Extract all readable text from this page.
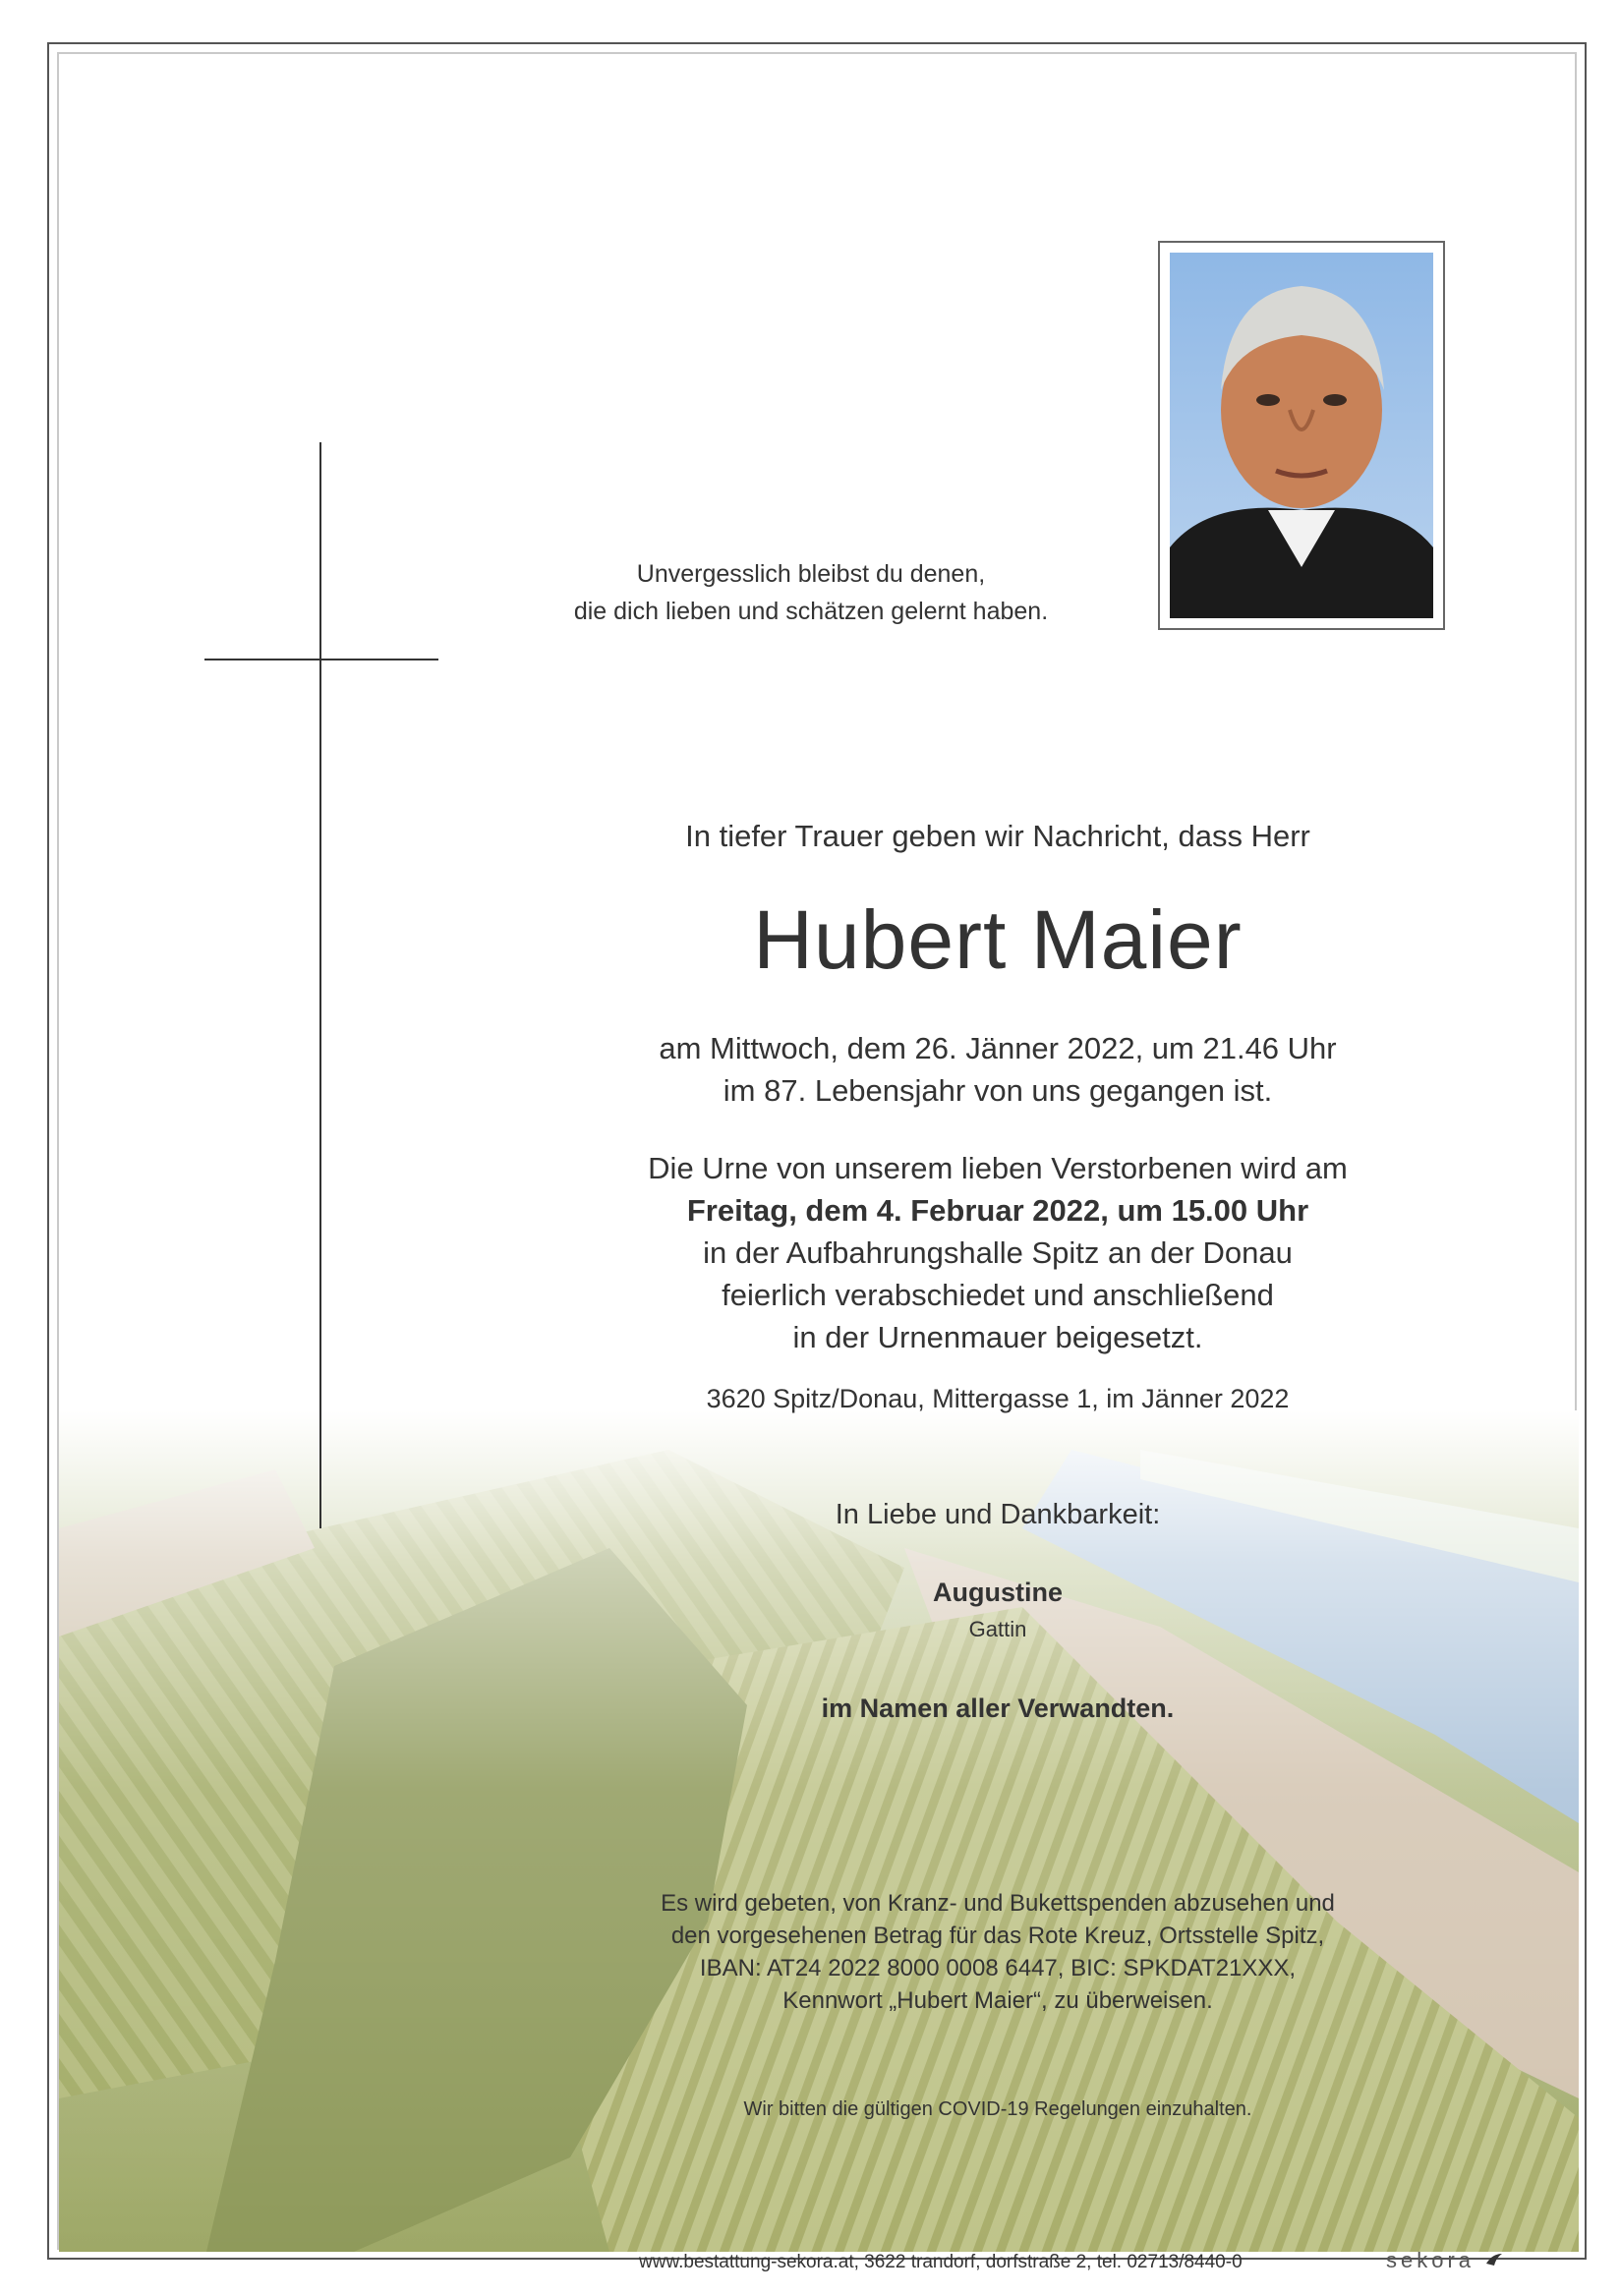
Unvergesslich bleibst du denen,
die dich lieben und schätzen gelernt haben.

In tiefer Trauer geben wir Nachricht, dass Herr

Hubert Maier

am Mittwoch, dem 26. Jänner 2022, um 21.46 Uhr
im 87. Lebensjahr von uns gegangen ist.

Die Urne von unserem lieben Verstorbenen wird am
Freitag, dem 4. Februar 2022, um 15.00 Uhr
in der Aufbahrungshalle Spitz an der Donau
feierlich verabschiedet und anschließend
in der Urnenmauer beigesetzt.

3620 Spitz/Donau, Mittergasse 1, im Jänner 2022

In Liebe und Dankbarkeit:

Augustine

Gattin

im Namen aller Verwandten.

Es wird gebeten, von Kranz- und Bukettspenden abzusehen und
den vorgesehenen Betrag für das Rote Kreuz, Ortsstelle Spitz,
IBAN: AT24 2022 8000 0008 6447, BIC: SPKDAT21XXX,
Kennwort „Hubert Maier“, zu überweisen.

Wir bitten die gültigen COVID-19 Regelungen einzuhalten.

www.bestattung-sekora.at, 3622 trandorf, dorfstraße 2, tel. 02713/8440-0	sekora
